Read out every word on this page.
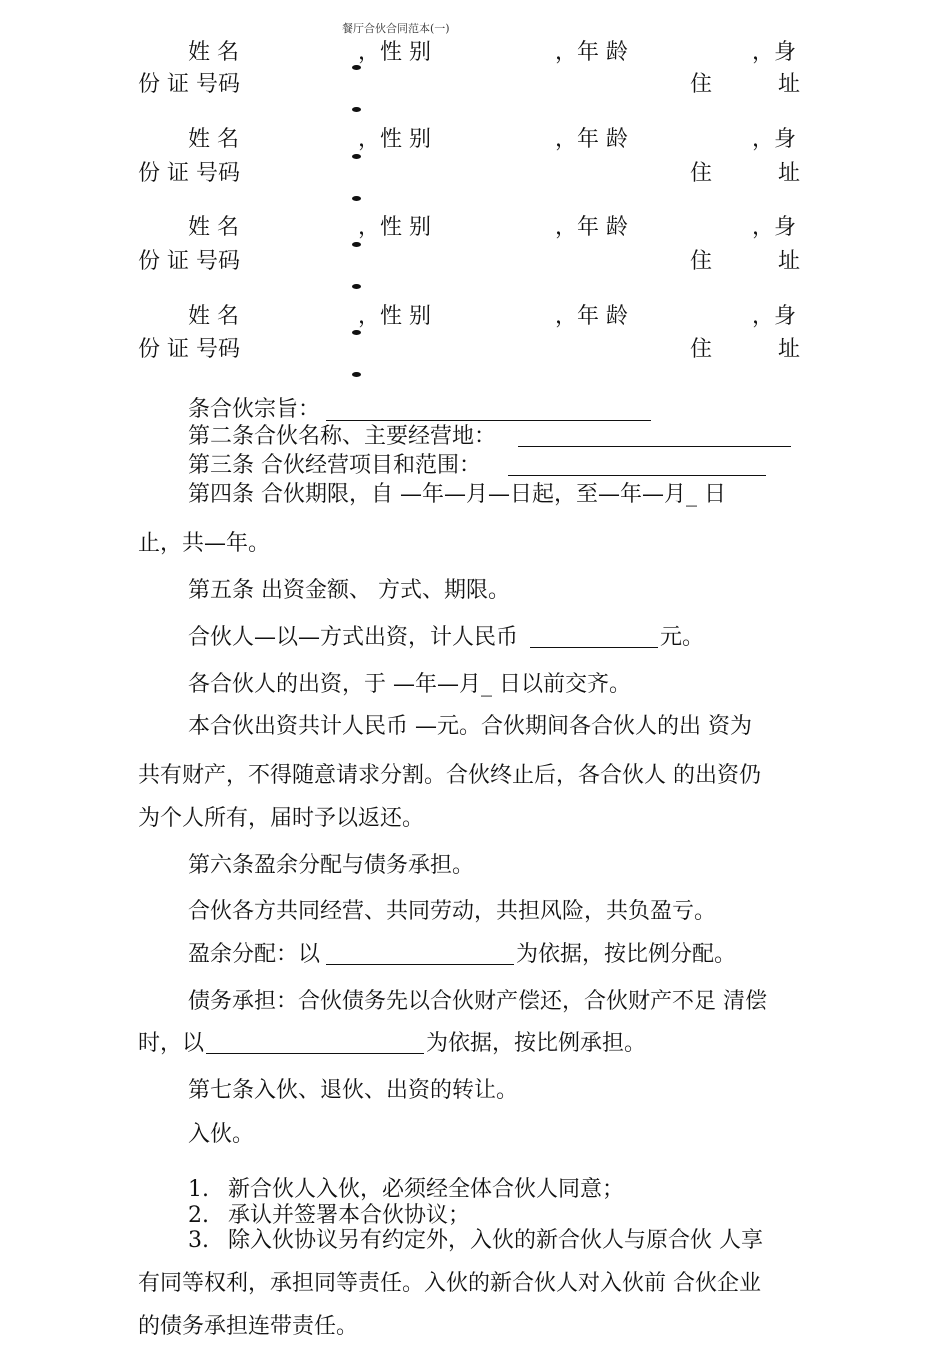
餐厅合伙合同范本(一)
姓 名	，性 别	，年 龄	，身
份 证 号码	住	址
姓 名	，性 别	，年 龄	，身
份 证 号码	住	址
姓 名	，性 别	，年 龄	，身
份 证 号码	住	址
姓 名	，性 别	，年 龄	，身
份 证 号码	住	址
条合伙宗旨：
第二条合伙名称、主要经营地：
第三条 合伙经营项目和范围：
第四条 合伙期限，自 —年—月—日起，至—年—月_ 日
止，共—年。
第五条 出资金额、 方式、期限。
合伙人—以—方式出资，计人民币	元。
各合伙人的出资，于 —年—月_ 日以前交齐。
本合伙出资共计人民币 —元。合伙期间各合伙人的出 资为
共有财产，不得随意请求分割。合伙终止后，各合伙人 的出资仍
为个人所有，届时予以返还。
第六条盈余分配与债务承担。
合伙各方共同经营、共同劳动，共担风险，共负盈亏。
盈余分配：以	为依据，按比例分配。
债务承担：合伙债务先以合伙财产偿还，合伙财产不足 清偿
时，以	为依据，按比例承担。
第七条入伙、退伙、出资的转让。
入伙。
1. 新合伙人入伙，必须经全体合伙人同意；
2. 承认并签署本合伙协议；
3. 除入伙协议另有约定外，入伙的新合伙人与原合伙 人享
有同等权利，承担同等责任。入伙的新合伙人对入伙前 合伙企业
的债务承担连带责任。
